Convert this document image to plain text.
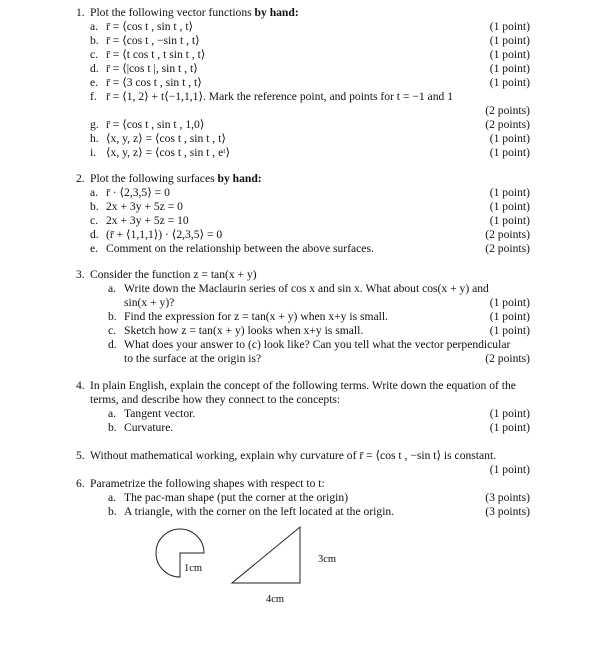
1. Plot the following vector functions by hand:
a. r̄ = ⟨cos t , sin t , t⟩	(1 point)
b. r̄ = ⟨cos t , −sin t , t⟩	(1 point)
c. r̄ = ⟨t cos t , t sin t , t⟩	(1 point)
d. r̄ = ⟨|cos t |, sin t , t⟩	(1 point)
e. r̄ = ⟨3 cos t , sin t , t⟩	(1 point)
f. r̄ = ⟨1, 2⟩ + t⟨−1,1,1⟩. Mark the reference point, and points for t = −1 and 1
(2 points)
g. r̄ = ⟨cos t , sin t , 1,0⟩	(2 points)
h. ⟨x, y, z⟩ = ⟨cos t , sin t , t⟩	(1 point)
i. ⟨x, y, z⟩ = ⟨cos t , sin t , eᵗ⟩	(1 point)
2. Plot the following surfaces by hand:
a. r̄ · ⟨2,3,5⟩ = 0	(1 point)
b. 2x + 3y + 5z = 0	(1 point)
c. 2x + 3y + 5z = 10	(1 point)
d. (r̄ + ⟨1,1,1⟩) · ⟨2,3,5⟩ = 0	(2 points)
e. Comment on the relationship between the above surfaces.	(2 points)
3. Consider the function z = tan(x + y)
a. Write down the Maclaurin series of cos x and sin x. What about cos(x + y) and
sin(x + y)?	(1 point)
b. Find the expression for z = tan(x + y) when x+y is small.	(1 point)
c. Sketch how z = tan(x + y) looks when x+y is small.	(1 point)
d. What does your answer to (c) look like? Can you tell what the vector perpendicular
to the surface at the origin is?	(2 points)
4. In plain English, explain the concept of the following terms. Write down the equation of the
terms, and describe how they connect to the concepts:
a. Tangent vector.	(1 point)
b. Curvature.	(1 point)
5. Without mathematical working, explain why curvature of r̄ = ⟨cos t , −sin t⟩ is constant.
(1 point)
6. Parametrize the following shapes with respect to t:
a. The pac-man shape (put the corner at the origin)	(3 points)
b. A triangle, with the corner on the left located at the origin.	(3 points)
1cm
3cm
4cm
